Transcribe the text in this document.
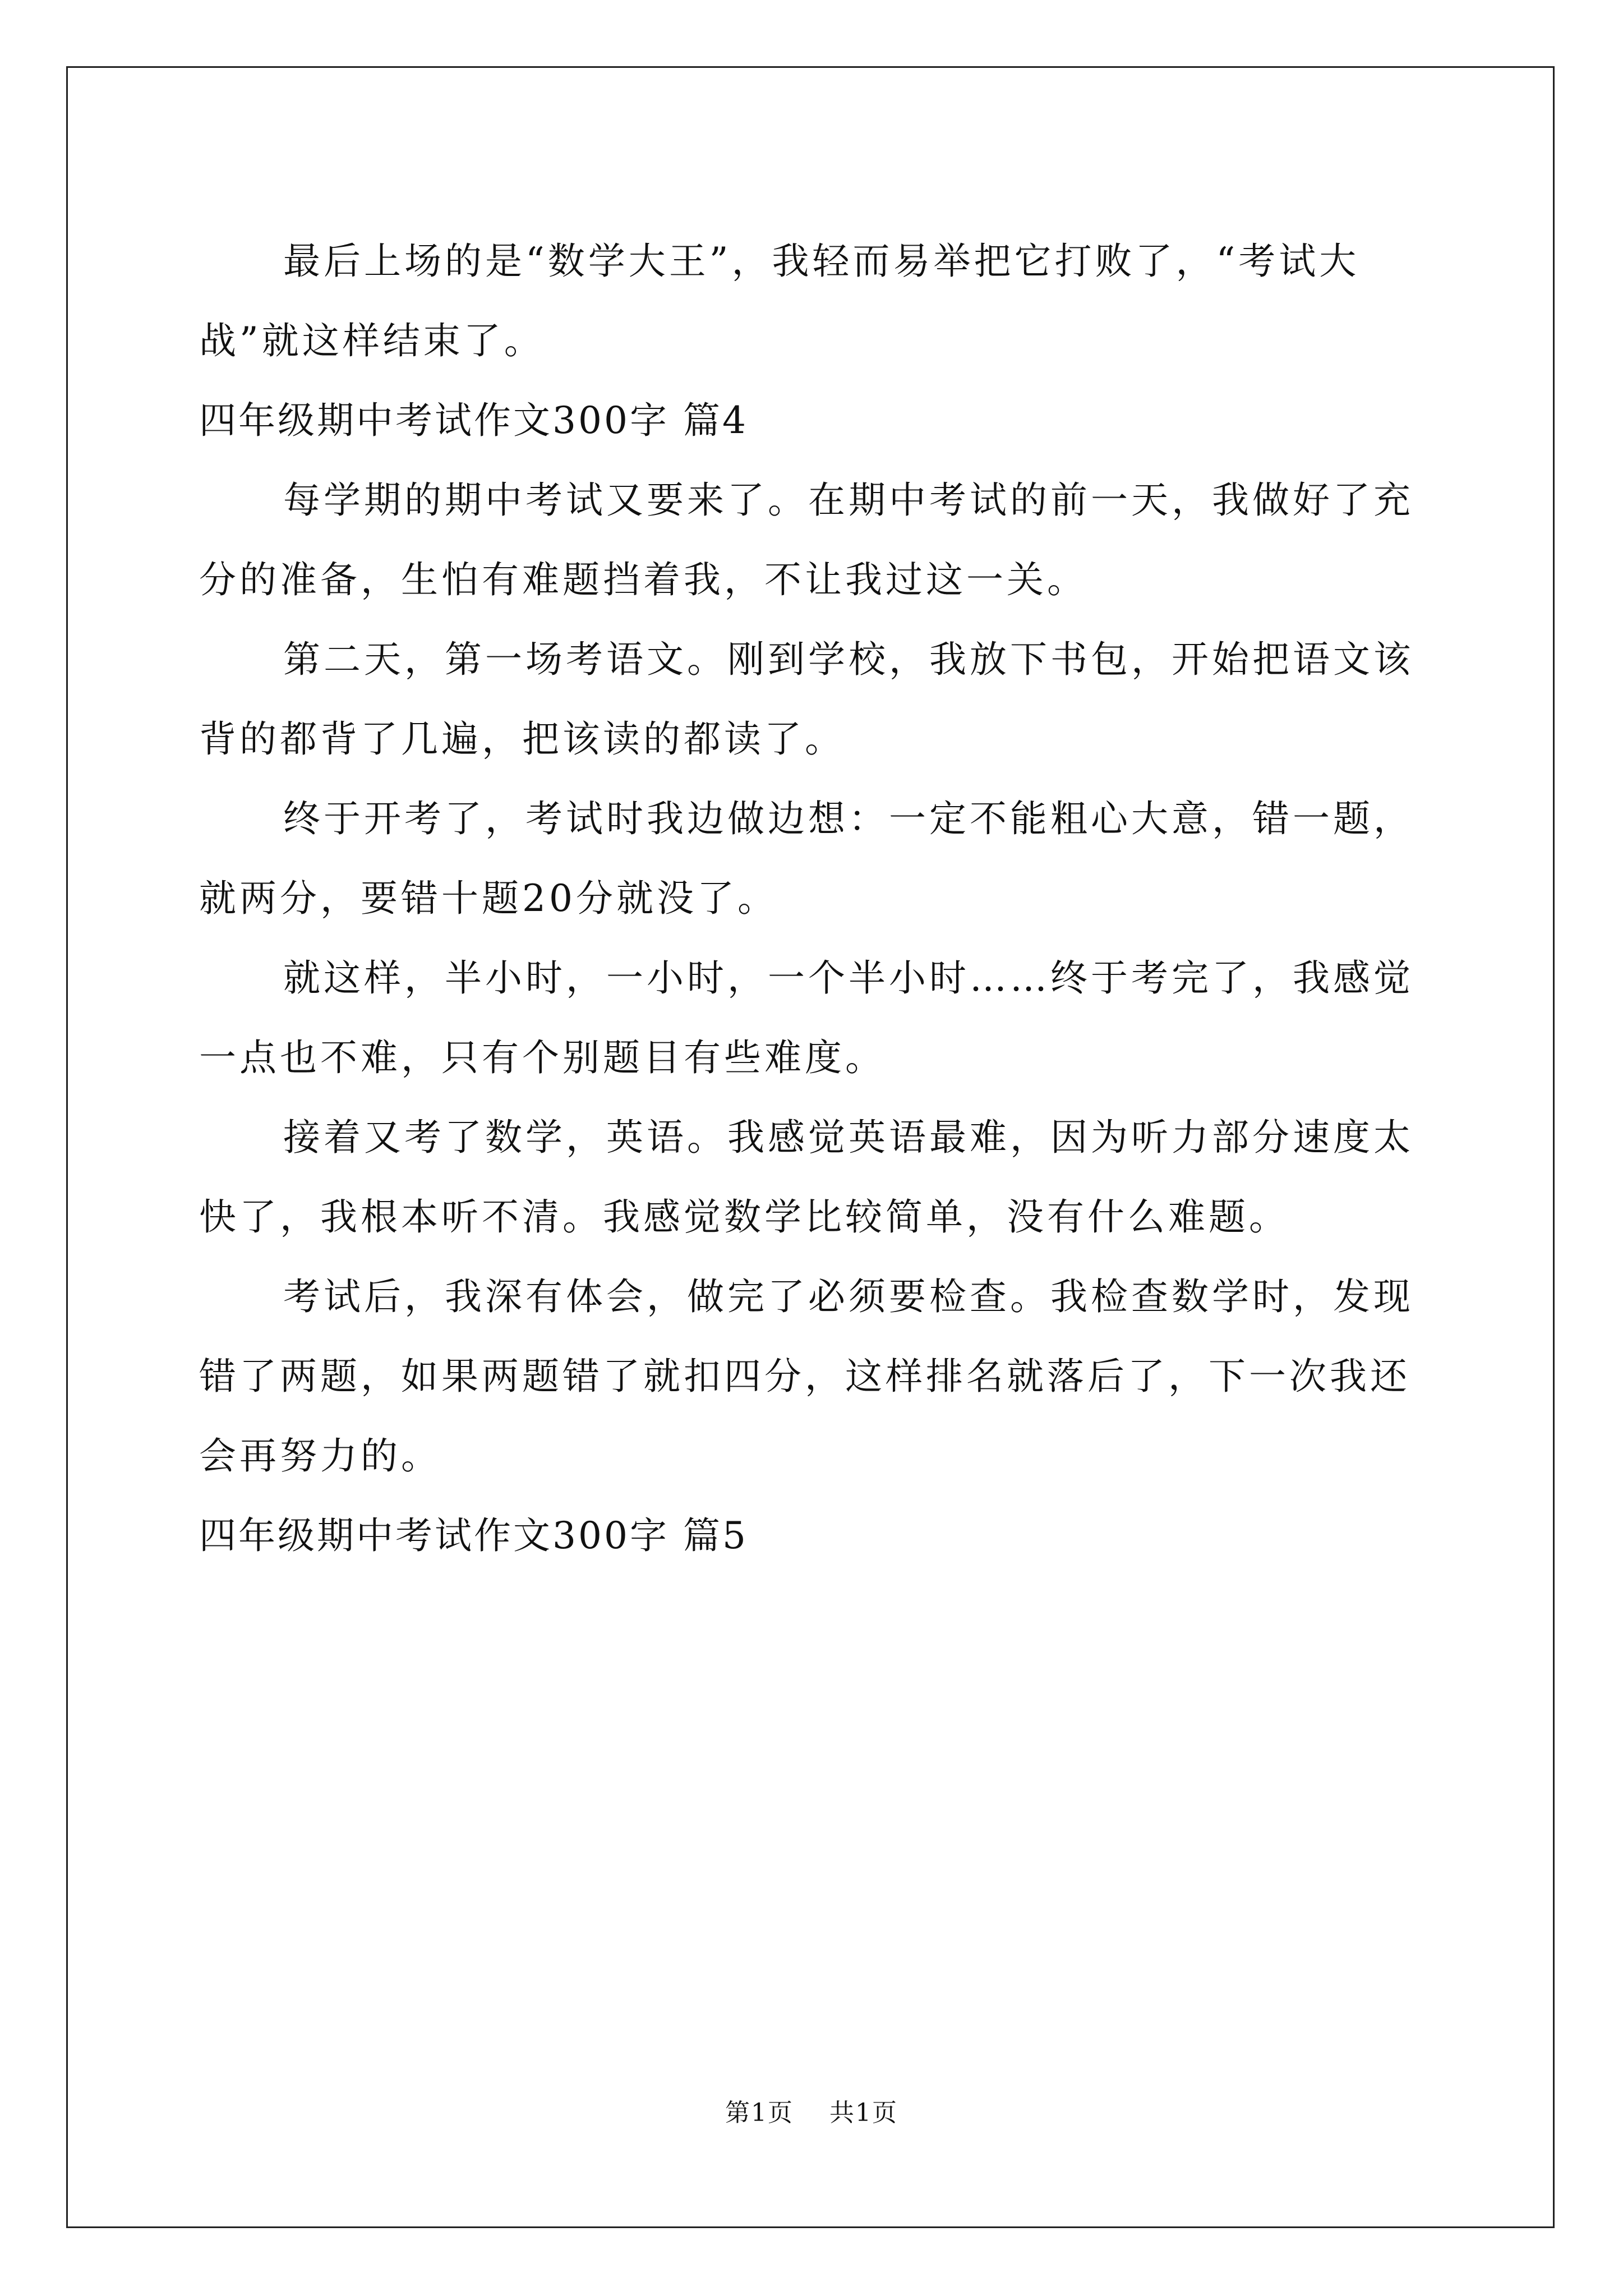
最后上场的是“数学大王”，我轻而易举把它打败了，“考试大战”就这样结束了。

四年级期中考试作文300字 篇4

每学期的期中考试又要来了。在期中考试的前一天，我做好了充分的准备，生怕有难题挡着我，不让我过这一关。

第二天，第一场考语文。刚到学校，我放下书包，开始把语文该背的都背了几遍，把该读的都读了。

终于开考了，考试时我边做边想：一定不能粗心大意，错一题，就两分，要错十题20分就没了。

就这样，半小时，一小时，一个半小时……终于考完了，我感觉一点也不难，只有个别题目有些难度。

接着又考了数学，英语。我感觉英语最难，因为听力部分速度太快了，我根本听不清。我感觉数学比较简单，没有什么难题。

考试后，我深有体会，做完了必须要检查。我检查数学时，发现错了两题，如果两题错了就扣四分，这样排名就落后了，下一次我还会再努力的。

四年级期中考试作文300字 篇5

第1页 共1页
